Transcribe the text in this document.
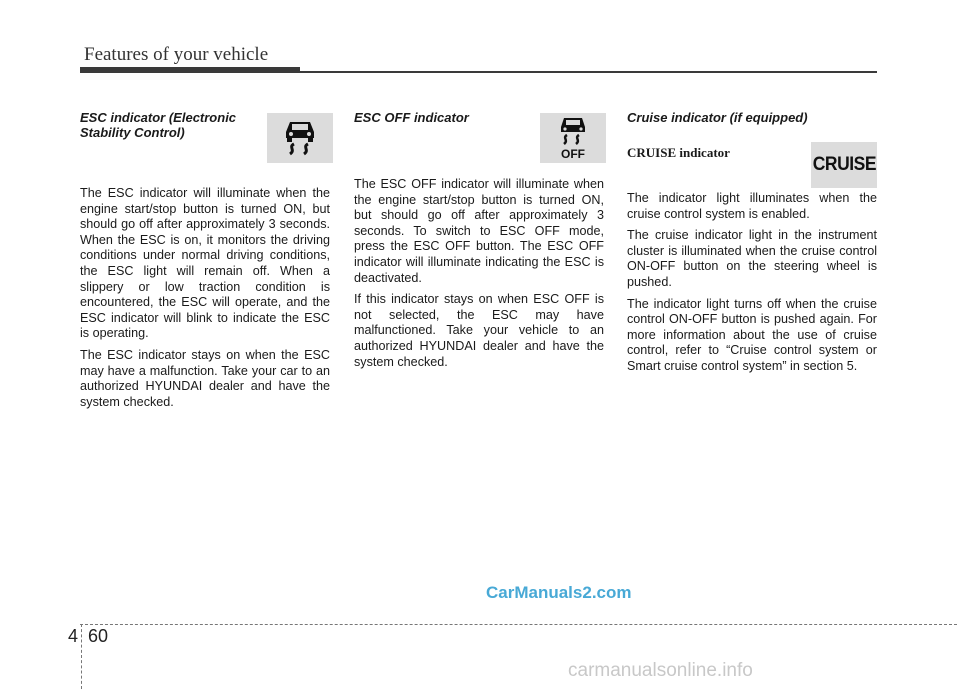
Features of your vehicle

ESC indicator (Electronic Stability Control)

The ESC indicator will illuminate when the engine start/stop button is turned ON, but should go off after approximately 3 seconds. When the ESC is on, it monitors the driving conditions under normal driving conditions, the ESC light will remain off. When a slippery or low traction condition is encountered, the ESC will operate, and the ESC indicator will blink to indicate the ESC is operating.

The ESC indicator stays on when the ESC may have a malfunction. Take your car to an authorized HYUNDAI dealer and have the system checked.

ESC OFF indicator

The ESC OFF indicator will illuminate when the engine start/stop button is turned ON, but should go off after approximately 3 seconds. To switch to ESC OFF mode, press the ESC OFF button. The ESC OFF indicator will illuminate indicating the ESC is deactivated.

If this indicator stays on when ESC OFF is not selected, the ESC may have malfunctioned. Take your vehicle to an authorized HYUNDAI dealer and have the system checked.

OFF

Cruise indicator (if equipped)

CRUISE indicator

The indicator light illuminates when the cruise control system is enabled.

The cruise indicator light in the instrument cluster is illuminated when the cruise control ON-OFF button on the steering wheel is pushed.

The indicator light turns off when the cruise control ON-OFF button is pushed again. For more information about the use of cruise control, refer to “Cruise control system or Smart cruise control system” in section 5.

CRUISE
CarManuals2.com
4 60
carmanualsonline.info
